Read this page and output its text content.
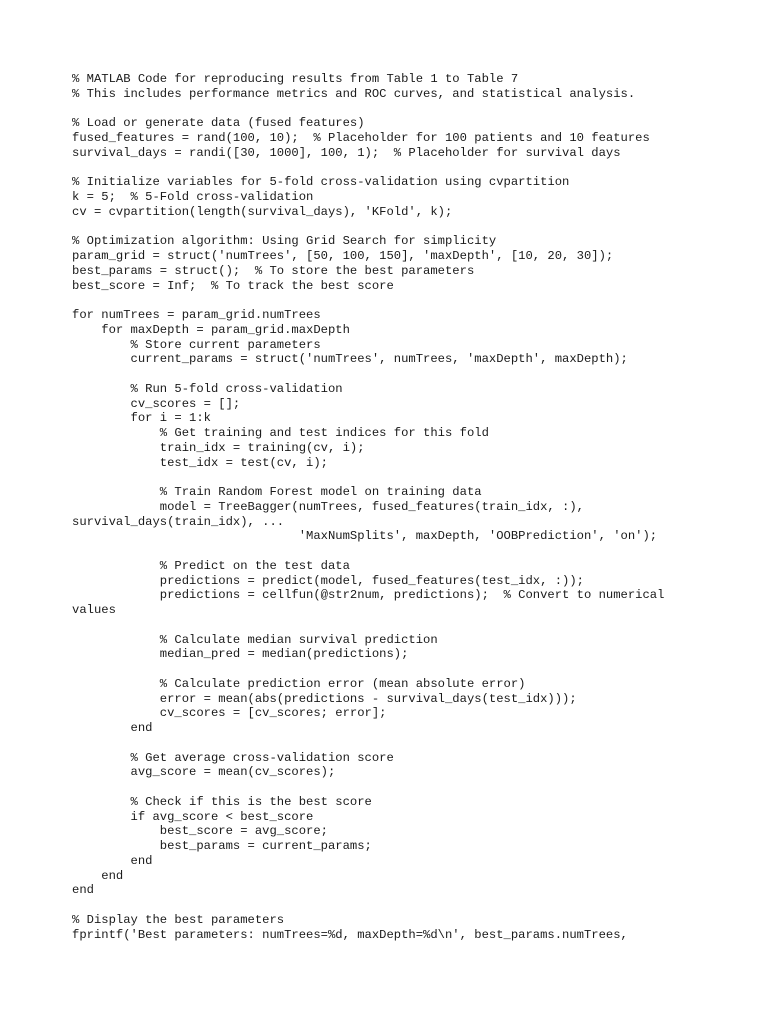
% MATLAB Code for reproducing results from Table 1 to Table 7
% This includes performance metrics and ROC curves, and statistical analysis.
% Load or generate data (fused features)
fused_features = rand(100, 10);  % Placeholder for 100 patients and 10 features
survival_days = randi([30, 1000], 100, 1);  % Placeholder for survival days
% Initialize variables for 5-fold cross-validation using cvpartition
k = 5;  % 5-Fold cross-validation
cv = cvpartition(length(survival_days), 'KFold', k);
% Optimization algorithm: Using Grid Search for simplicity
param_grid = struct('numTrees', [50, 100, 150], 'maxDepth', [10, 20, 30]);
best_params = struct();  % To store the best parameters
best_score = Inf;  % To track the best score
for numTrees = param_grid.numTrees
for maxDepth = param_grid.maxDepth
% Store current parameters
current_params = struct('numTrees', numTrees, 'maxDepth', maxDepth);
% Run 5-fold cross-validation
cv_scores = [];
for i = 1:k
% Get training and test indices for this fold
train_idx = training(cv, i);
test_idx = test(cv, i);
% Train Random Forest model on training data
model = TreeBagger(numTrees, fused_features(train_idx, :),
survival_days(train_idx), ...
'MaxNumSplits', maxDepth, 'OOBPrediction', 'on');
% Predict on the test data
predictions = predict(model, fused_features(test_idx, :));
predictions = cellfun(@str2num, predictions);  % Convert to numerical
values
% Calculate median survival prediction
median_pred = median(predictions);
% Calculate prediction error (mean absolute error)
error = mean(abs(predictions - survival_days(test_idx)));
cv_scores = [cv_scores; error];
end
% Get average cross-validation score
avg_score = mean(cv_scores);
% Check if this is the best score
if avg_score < best_score
best_score = avg_score;
best_params = current_params;
end
end
end
% Display the best parameters
fprintf('Best parameters: numTrees=%d, maxDepth=%d\n', best_params.numTrees,
